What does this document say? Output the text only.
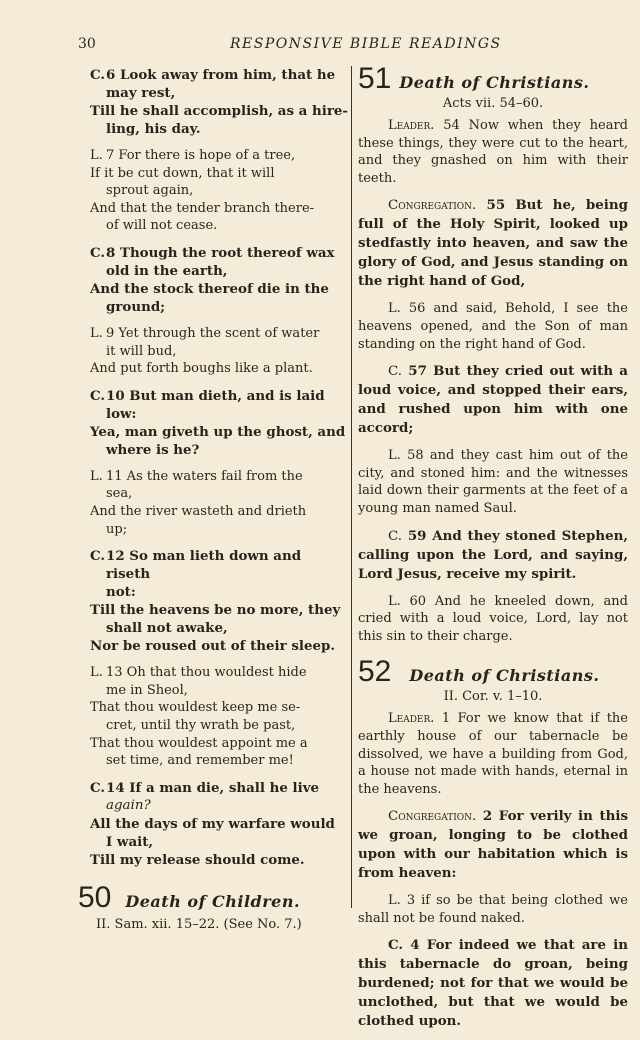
30	RESPONSIVE BIBLE READINGS
C. 6 Look away from him, that he
may rest,
Till he shall accomplish, as a hire-
ling, his day.
L. 7 For there is hope of a tree,
If it be cut down, that it will
sprout again,
And that the tender branch there-
of will not cease.
C. 8 Though the root thereof wax
old in the earth,
And the stock thereof die in the
ground;
L. 9 Yet through the scent of water
it will bud,
And put forth boughs like a plant.
C. 10 But man dieth, and is laid
low:
Yea, man giveth up the ghost, and
where is he?
L. 11 As the waters fail from the
sea,
And the river wasteth and drieth
up;
C. 12 So man lieth down and riseth
not:
Till the heavens be no more, they
shall not awake,
Nor be roused out of their sleep.
L. 13 Oh that thou wouldest hide
me in Sheol,
That thou wouldest keep me se-
cret, until thy wrath be past,
That thou wouldest appoint me a
set time, and remember me!
C. 14 If a man die, shall he live
again?
All the days of my warfare would
I wait,
Till my release should come.
50 Death of Children.
II. Sam. xii. 15–22. (See No. 7.)
51 Death of Christians.
Acts vii. 54–60.
Leader. 54 Now when they heard these things, they were cut to the heart, and they gnashed on him with their teeth.
Congregation. 55 But he, being full of the Holy Spirit, looked up stedfastly into heaven, and saw the glory of God, and Jesus standing on the right hand of God,
L. 56 and said, Behold, I see the heavens opened, and the Son of man standing on the right hand of God.
C. 57 But they cried out with a loud voice, and stopped their ears, and rushed upon him with one accord;
L. 58 and they cast him out of the city, and stoned him: and the witnesses laid down their garments at the feet of a young man named Saul.
C. 59 And they stoned Stephen, calling upon the Lord, and saying, Lord Jesus, receive my spirit.
L. 60 And he kneeled down, and cried with a loud voice, Lord, lay not this sin to their charge.
52 Death of Christians.
II. Cor. v. 1–10.
Leader. 1 For we know that if the earthly house of our tabernacle be dissolved, we have a building from God, a house not made with hands, eternal in the heavens.
Congregation. 2 For verily in this we groan, longing to be clothed upon with our habitation which is from heaven:
L. 3 if so be that being clothed we shall not be found naked.
C. 4 For indeed we that are in this tabernacle do groan, being burdened; not for that we would be unclothed, but that we would be clothed upon.
